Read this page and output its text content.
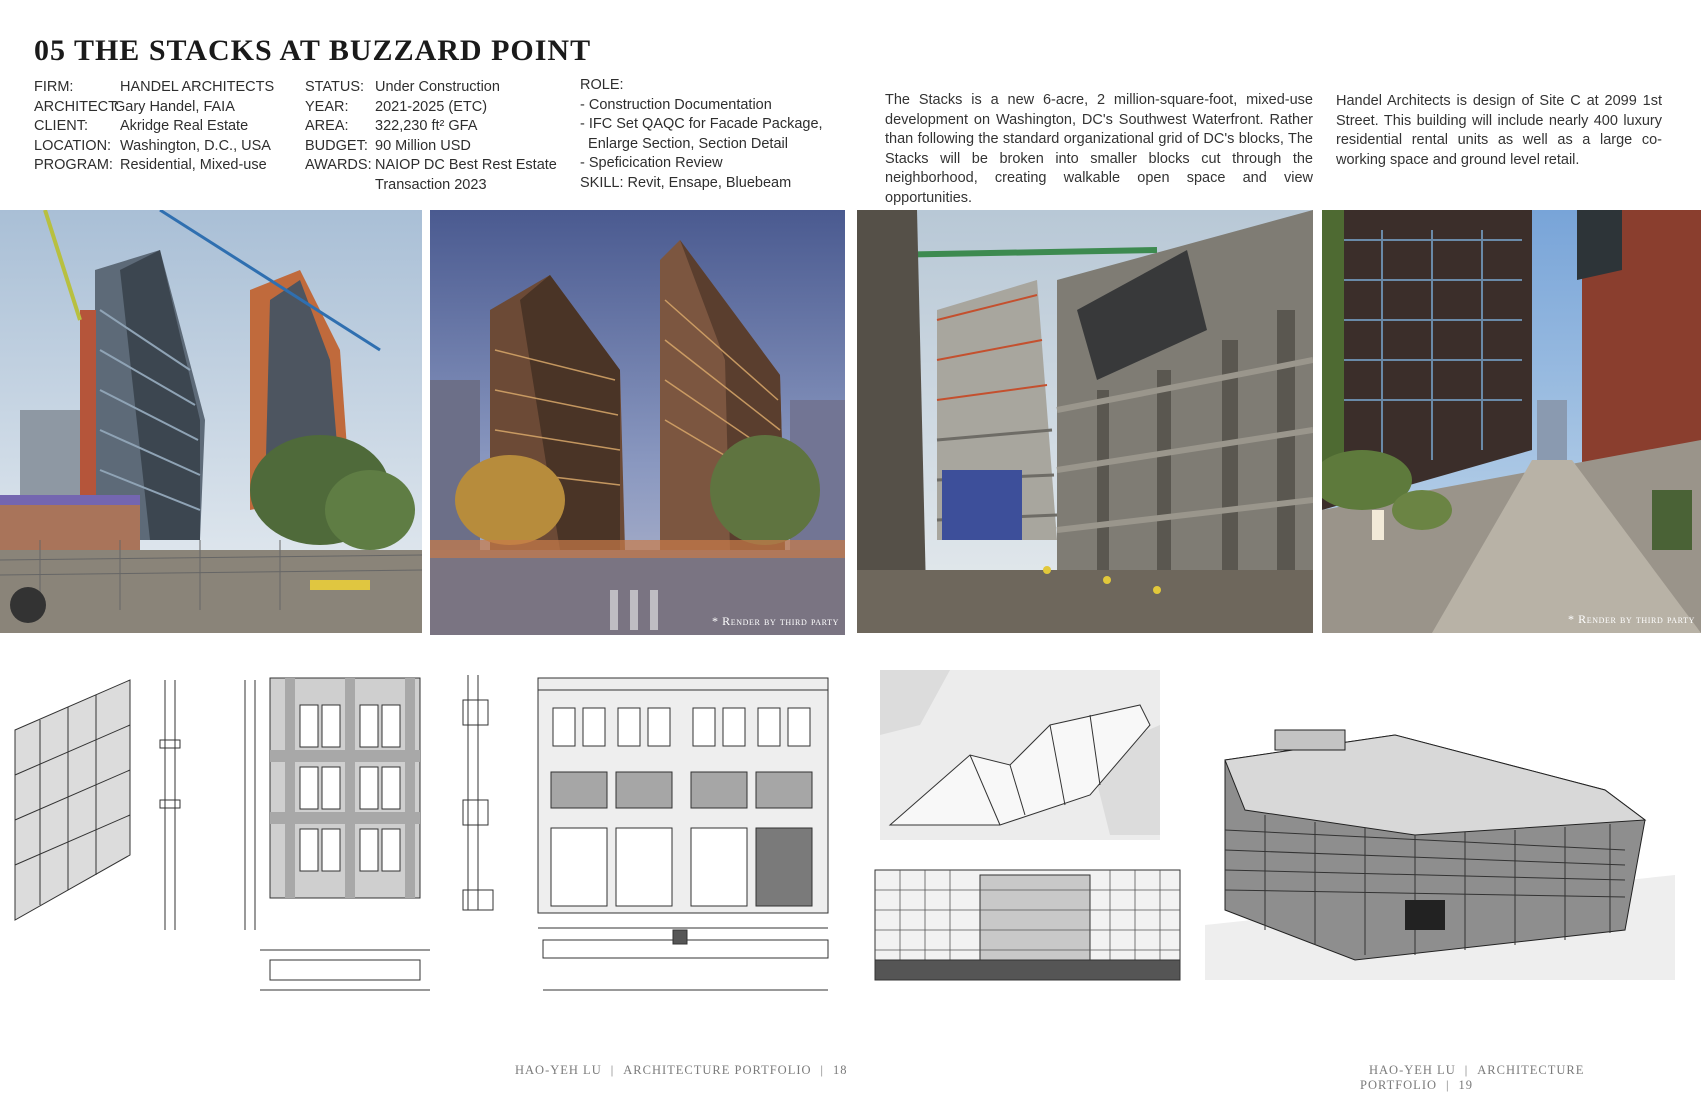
05 THE STACKS AT BUZZARD POINT
FIRM:	HANDEL ARCHITECTS
ARCHITECT:
Gary Handel, FAIA
CLIENT:	Akridge Real Estate
LOCATION: Washington, D.C., USA
PROGRAM: Residential, Mixed-use
STATUS: Under Construction
YEAR:	2021-2025 (ETC)
AREA:	322,230 ft² GFA
BUDGET: 90 Million USD
AWARDS: NAIOP DC Best Rest Estate
Transaction 2023
ROLE:
- Construction Documentation
- IFC Set QAQC for Facade Package,
Enlarge Section, Section Detail
- Speficication Review
SKILL: Revit, Ensape, Bluebeam
The Stacks is a new 6-acre, 2 million-square-foot, mixed-use development on Washington, DC's Southwest Waterfront. Rather than following the standard organizational grid of DC's blocks, The Stacks will be broken into smaller blocks cut through the neighborhood, creating walkable open space and view opportunities.
Handel Architects is design of Site C at 2099 1st Street. This building will include nearly 400 luxury residential rental units as well as a large co-working space and ground level retail.
* Render by third party	* Render by third party
HAO-YEH LU | ARCHITECTURE PORTFOLIO | 18	HAO-YEH LU | ARCHITECTURE PORTFOLIO | 19
